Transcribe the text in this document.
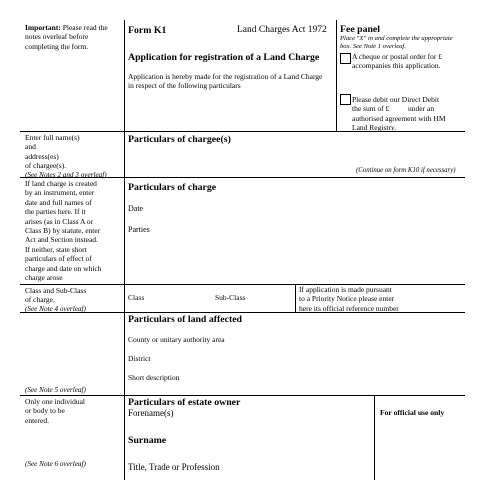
Important: Please read the notes overleaf before completing the form.
Enter full name(s)
and
address(es)
of chargee(s).
(See Notes 2 and 3 overleaf)
If land charge is created
by an instrument, enter
date and full names of
the parties here. If it
arises (as in Class A or
Class B) by statute, enter
Act and Section instead.
If neither, state short
particulars of effect of
charge and date on which
charge arose
Class and Sub-Class
of charge.
(See Note 4 overleaf)
(See Note 5 overleaf)
Only one individual
or body to be
entered.
(See Note 6 overleaf)
Form K1	Land Charges Act 1972
Application for registration of a Land Charge
Application is hereby made for the registration of a Land Charge in respect of the following particulars
Fee panel
Place "X" in and complete the appropriate box. See Note 1 overleaf.
A cheque or postal order for £ accompanies this application.
Please debit our Direct Debit
the sum of £          under an
authorised agreement with HM
Land Registry.
Particulars of chargee(s)
(Continue on form K10 if necessary)
Particulars of charge
Date
Parties
Class	Sub-Class
If application is made pursuant
to a Priority Notice please enter
here its official reference number
Particulars of land affected
County or unitary authority area
District
Short description
Particulars of estate owner
Forename(s)
Surname
Title, Trade or Profession
For official use only
